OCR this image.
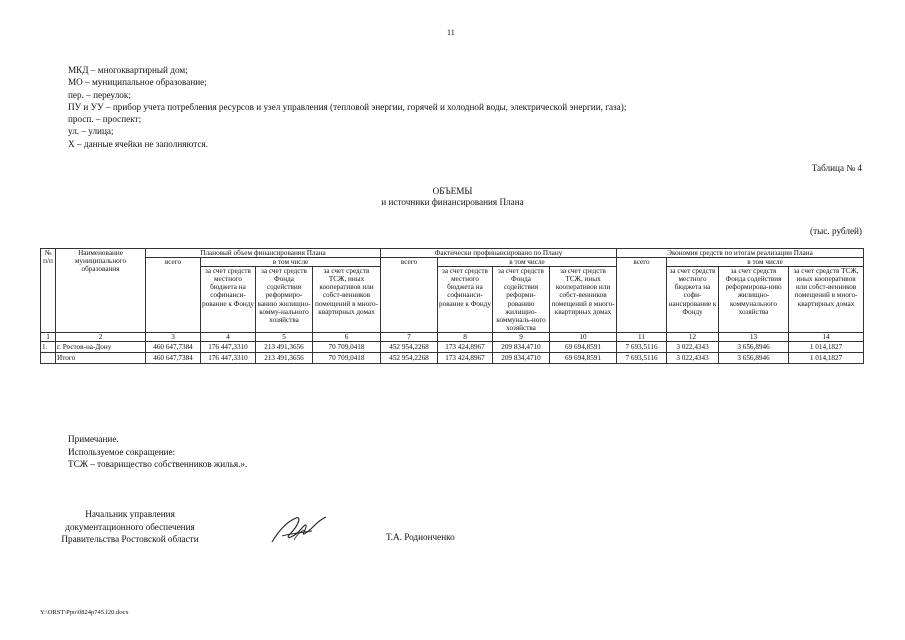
11
МКД – многоквартирный дом;
МО – муниципальное образование;
пер. – переулок;
ПУ и УУ – прибор учета потребления ресурсов и узел управления (тепловой энергии, горячей и холодной воды, электрической энергии, газа);
просп. – проспект;
ул. – улица;
Х – данные ячейки не заполняются.
Таблица № 4
ОБЪЕМЫ
и источники финансирования Плана
(тыс. рублей)
№ п/п	Наименование муниципального образования	Плановый объем финансирования Плана				Фактически профинансировано по Плану				Экономия средств по итогам реализации Плана			
		всего	в том числе			всего	в том числе			всего	в том числе		
			за счет средств местного бюджета на софинанси-рование к Фонду	за счет средств Фонда содействия реформиро-ванию жилищно-комму-нального хозяйства	за счет средств ТСЖ, иных кооперативов или собст-венников помещений в много-квартирных домах		за счет средств местного бюджета на софинанси-рование к Фонду	за счет средств Фонда содействия реформи-рованию жилищно-коммуналь-ного хозяйства	за счет средств ТСЖ, иных кооперативов или собст-венников помещений в много-квартирных домах		за счет средств местного бюджета на софи-нансирование к Фонду	за счет средств Фонда содействия реформирова-нию жилищно-коммунального хозяйства	за счет средств ТСЖ, иных кооперативов или собст-венников помещений в много-квартирных домах
1	2	3	4	5	6	7	8	9	10	11	12	13	14
1.	г. Ростов-на-Дону	460 647,7384	176 447,3310	213 491,3656	70 709,0418	452 954,2268	173 424,8967	209 834,4710	69 694,8591	7 693,5116	3 022,4343	3 656,8946	1 014,1827
	Итого	460 647,7384	176 447,3310	213 491,3656	70 709,0418	452 954,2268	173 424,8967	209 834,4710	69 694,8591	7 693,5116	3 022,4343	3 656,8946	1 014,1827
Примечание.
Используемое сокращение:
ТСЖ – товарищество собственников жилья.».
Начальник управления
документационного обеспечения
Правительства Ростовской области	Т.А. Родионченко
Y:\ORST\Ppo\0824p745.f20.docx
